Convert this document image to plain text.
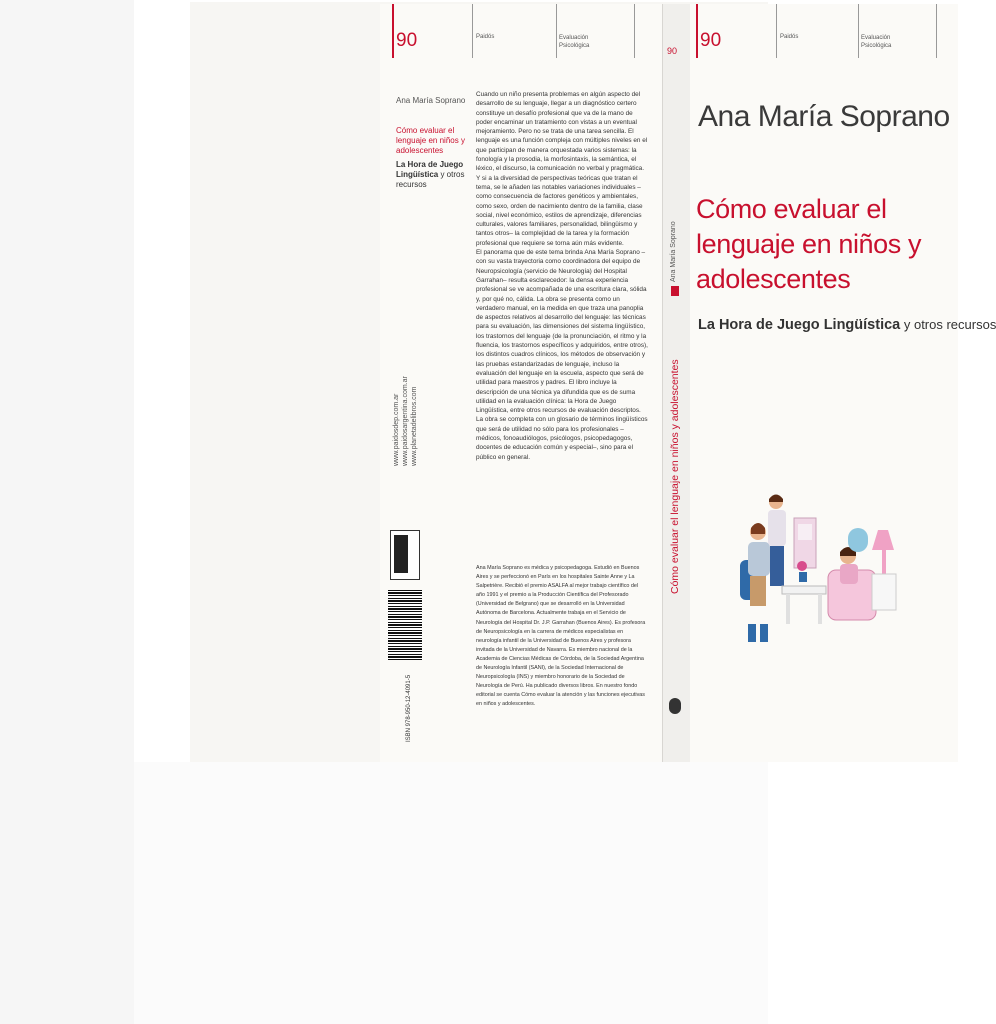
90	Paidós	Evaluación
Psicológica
Ana María Soprano
Cómo evaluar el lenguaje en niños y adolescentes
La Hora de Juego Lingüística y otros recursos

Cuando un niño presenta problemas en algún aspecto del desarrollo de su lenguaje, llegar a un diagnóstico certero constituye un desafío profesional que va de la mano de poder encaminar un tratamiento con vistas a un eventual mejoramiento. Pero no se trata de una tarea sencilla. El lenguaje es una función compleja con múltiples niveles en el que participan de manera orquestada varios sistemas: la fonología y la prosodia, la morfosintaxis, la semántica, el léxico, el discurso, la comunicación no verbal y pragmática. Y si a la diversidad de perspectivas teóricas que tratan el tema, se le añaden las notables variaciones individuales –como consecuencia de factores genéticos y ambientales, como sexo, orden de nacimiento dentro de la familia, clase social, nivel económico, estilos de aprendizaje, diferencias culturales, valores familiares, personalidad, bilingüismo y tantos otros– la complejidad de la tarea y la formación profesional que requiere se torna aún más evidente.

El panorama que de este tema brinda Ana María Soprano –con su vasta trayectoria como coordinadora del equipo de Neuropsicología (servicio de Neurología) del Hospital Garrahan– resulta esclarecedor: la densa experiencia profesional se ve acompañada de una escritura clara, sólida y, por qué no, cálida. La obra se presenta como un verdadero manual, en la medida en que traza una panoplia de aspectos relativos al desarrollo del lenguaje: las técnicas para su evaluación, las dimensiones del sistema lingüístico, los trastornos del lenguaje (de la pronunciación, el ritmo y la fluencia, los trastornos específicos y adquiridos, entre otros), los distintos cuadros clínicos, los métodos de observación y las pruebas estandarizadas de lenguaje, incluso la evaluación del lenguaje en la escuela, aspecto que será de utilidad para maestros y padres. El libro incluye la descripción de una técnica ya difundida que es de suma utilidad en la evaluación clínica: la Hora de Juego Lingüística, entre otros recursos de evaluación descriptos. La obra se completa con un glosario de términos lingüísticos que será de utilidad no sólo para los profesionales –médicos, fonoaudiólogos, psicólogos, psicopedagogos, docentes de educación común y especial–, sino para el público en general.

Ana María Soprano es médica y psicopedagoga. Estudió en Buenos Aires y se perfeccionó en París en los hospitales Sainte Anne y La Salpetrière. Recibió el premio ASALFA al mejor trabajo científico del año 1991 y el premio a la Producción Científica del Profesorado (Universidad de Belgrano) que se desarrolló en la Universidad Autónoma de Barcelona. Actualmente trabaja en el Servicio de Neurología del Hospital Dr. J.P. Garrahan (Buenos Aires). Es profesora de Neuropsicología en la carrera de médicos especialistas en neurología infantil de la Universidad de Buenos Aires y profesora invitada de la Universidad de Navarra. Es miembro nacional de la Academia de Ciencias Médicas de Córdoba, de la Sociedad Argentina de Neurología Infantil (SANI), de la Sociedad Internacional de Neuropsicología (INS) y miembro honorario de la Sociedad de Neurología de Perú. Ha publicado diversos libros. En nuestro fondo editorial se cuenta Cómo evaluar la atención y las funciones ejecutivas en niños y adolescentes.
www.paidosdep.com.ar www.paidosargentina.com.ar www.planetadelibros.com
ISBN 978-950-12-4091-5
90
Ana María Soprano
Cómo evaluar el lenguaje en niños y adolescentes
90	Paidós	Evaluación
Psicológica
Ana María Soprano
Cómo evaluar el lenguaje en niños y adolescentes
La Hora de Juego Lingüística y otros recursos
